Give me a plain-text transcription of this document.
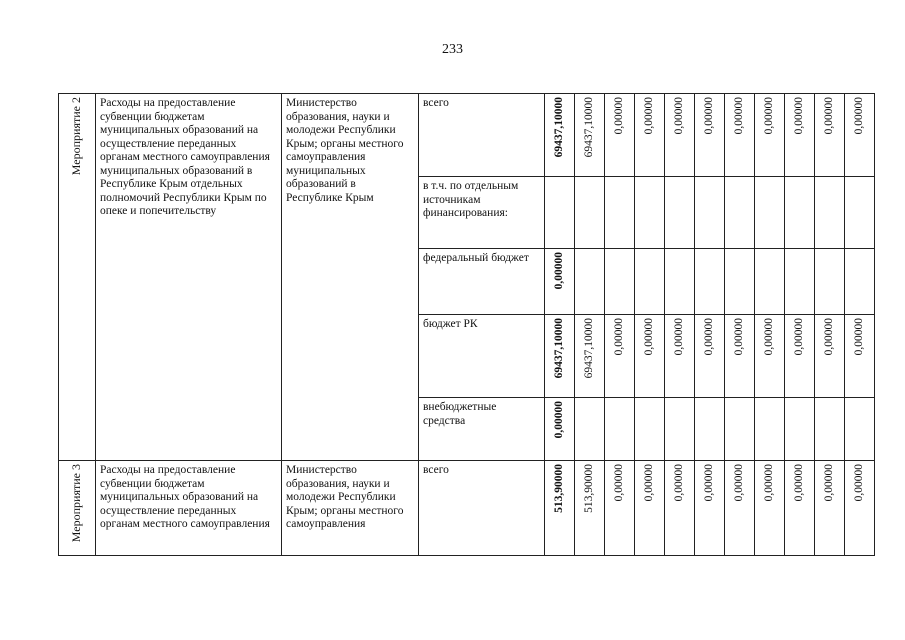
233
Мероприятие 2	Расходы на предоставление субвенции бюджетам муниципальных образований на осуществление переданных органам местного самоуправления муниципальных образований в Республике Крым отдельных полномочий Республики Крым по опеке и попечительству	Министерство образования, науки и молодежи Республики Крым; органы местного самоуправления муниципальных образований в Республике Крым	всего	69437,10000	69437,10000	0,00000	0,00000	0,00000	0,00000	0,00000	0,00000	0,00000	0,00000	0,00000

			в т.ч. по отдельным источникам финансирования:	

			федеральный бюджет	0,00000										

			бюджет РК	69437,10000	69437,10000	0,00000	0,00000	0,00000	0,00000	0,00000	0,00000	0,00000	0,00000	0,00000

			внебюджетные средства	0,00000										

Мероприятие 3	Расходы на предоставление субвенции бюджетам муниципальных образований на осуществление переданных органам местного самоуправления	Министерство образования, науки и молодежи Республики Крым; органы местного самоуправления	всего	513,90000	513,90000	0,00000	0,00000	0,00000	0,00000	0,00000	0,00000	0,00000	0,00000	0,00000
